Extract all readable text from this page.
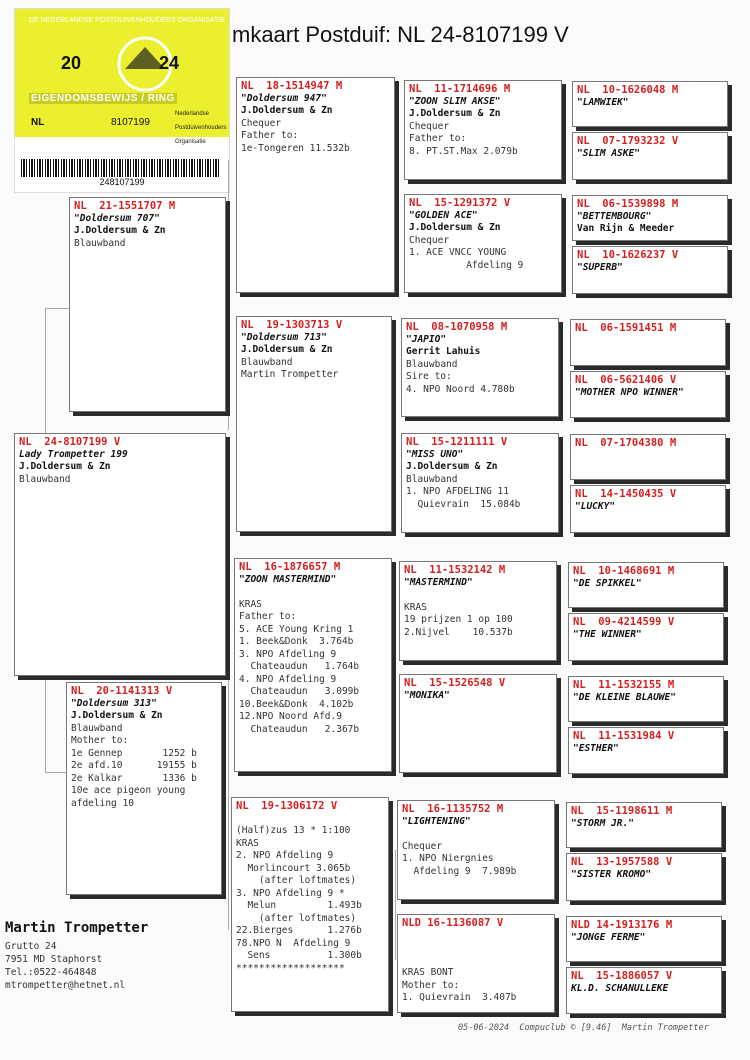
mkaart Postduif: NL 24-8107199 V
DE NEDERLANDSE POSTDUIVENHOUDERS ORGANISATIE
20	24
EIGENDOMSBEWIJS / RING
NL	8107199
Nederlandse
Postduivenhouders
Organisatie
248107199
NL  24-8107199 V
Lady Trompetter 199
J.Doldersum & Zn
Blauwband
NL  21-1551707 M
"Doldersum 707"
J.Doldersum & Zn
Blauwband
NL  20-1141313 V
"Doldersum 313"
J.Doldersum & Zn
Blauwband
Mother to:
1e Gennep       1252 b
2e afd.10      19155 b
2e Kalkar       1336 b
10e ace pigeon young
afdeling 10
NL  18-1514947 M
"Doldersum 947"
J.Doldersum & Zn
Chequer
Father to:
1e-Tongeren 11.532b
NL  19-1303713 V
"Doldersum 713"
J.Doldersum & Zn
Blauwband
Martin Trompetter
NL  16-1876657 M
"ZOON MASTERMIND"

KRAS
Father to:
5. ACE Young Kring 1
1. Beek&Donk  3.764b
3. NPO Afdeling 9
Chateaudun   1.764b
4. NPO Afdeling 9
Chateaudun   3.099b
10.Beek&Donk  4.102b
12.NPO Noord Afd.9
Chateaudun   2.367b
NL  19-1306172 V

(Half)zus 13 * 1:100
KRAS
2. NPO Afdeling 9
Morlincourt 3.065b
(after loftmates)
3. NPO Afdeling 9 *
Melun         1.493b
(after loftmates)
22.Bierges      1.276b
78.NPO N  Afdeling 9
Sens          1.300b
*******************
NL  11-1714696 M
"ZOON SLIM AKSE"
J.Doldersum & Zn
Chequer
Father to:
8. PT.ST.Max 2.079b
NL  15-1291372 V
"GOLDEN ACE"
J.Doldersum & Zn
Chequer
1. ACE VNCC YOUNG
Afdeling 9
NL  08-1070958 M
"JAPIO"
Gerrit Lahuis
Blauwband
Sire to:
4. NPO Noord 4.780b
NL  15-1211111 V
"MISS UNO"
J.Doldersum & Zn
Blauwband
1. NPO AFDELING 11
Quievrain  15.084b
NL  11-1532142 M
"MASTERMIND"

KRAS
19 prijzen 1 op 100
2.Nijvel    10.537b
NL  15-1526548 V
"MONIKA"
NL  16-1135752 M
"LIGHTENING"

Chequer
1. NPO Niergnies
Afdeling 9  7.989b
NLD 16-1136087 V

KRAS BONT
Mother to:
1. Quievrain  3.407b
NL  10-1626048 M
"LAMWIEK"
NL  07-1793232 V
"SLIM ASKE"
NL  06-1539898 M
"BETTEMBOURG"
Van Rijn & Meeder
NL  10-1626237 V
"SUPERB"
NL  06-1591451 M
NL  06-5621406 V
"MOTHER NPO WINNER"
NL  07-1704380 M
NL  14-1450435 V
"LUCKY"
NL  10-1468691 M
"DE SPIKKEL"
NL  09-4214599 V
"THE WINNER"
NL  11-1532155 M
"DE KLEINE BLAUWE"
NL  11-1531984 V
"ESTHER"
NL  15-1198611 M
"STORM JR."
NL  13-1957588 V
"SISTER KROMO"
NLD 14-1913176 M
"JONGE FERME"
NL  15-1886057 V
KL.D. SCHANULLEKE
Martin Trompetter
Grutto 24
7951 MD Staphorst
Tel.:0522-464848
mtrompetter@hetnet.nl
05-06-2024  Compuclub © [9.46]  Martin Trompetter
